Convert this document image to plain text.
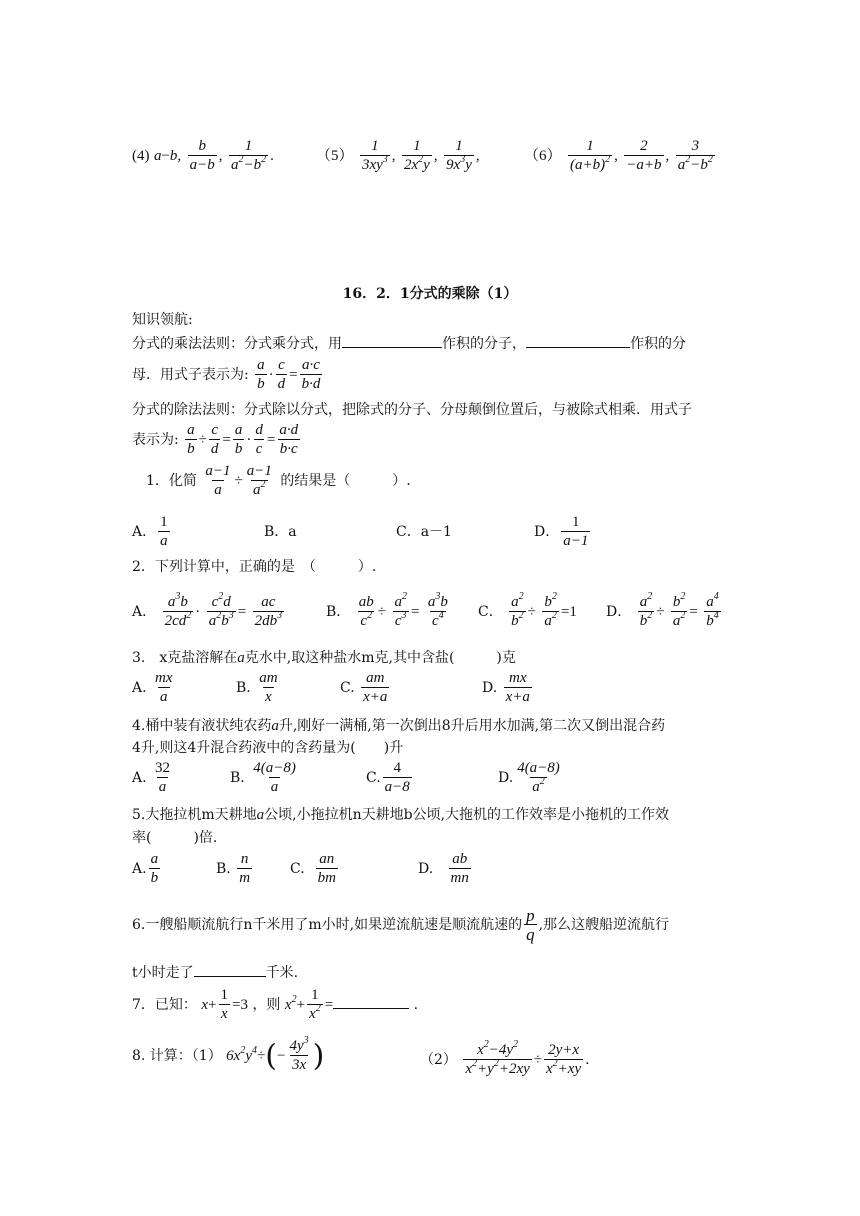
(4) a−b, $\frac{b}{a-b}$ , $\frac{1}{a^2-b^2}$ .	$(5) \frac{1}{3xy^3}$ , $\frac{1}{2x^2y}$ , $\frac{1}{9x^3y}$ ,	$(6) \frac{1}{(a+b)^2}$ , $\frac{2}{-a+b}$ , $\frac{3}{a^2-b^2}$
16．2．1分式的乘除（1）
知识领航:
分式的乘法法则：分式乘分式，用	作积的分子，	作积的分
母．用式子表示为: $\frac{a}{b} \cdot \frac{c}{d} = \frac{a\cdot c}{b\cdot d}$
分式的除法法则：分式除以分式，把除式的分子、分母颠倒位置后，与被除式相乘．用式子
表示为: $\frac{a}{b} \div \frac{c}{d} = \frac{a}{b} \cdot \frac{d}{c} = \frac{a\cdot d}{b\cdot c}$
1．化简 $\frac{a-1}{a} \div \frac{a-1}{a^2}$ 的结果是（　　　）.
A． $\frac{1}{a}$	B．a	C．a－1	D． $\frac{1}{a-1}$
2．下列计算中，正确的是　（　　　）.
A． $\frac{a^3b}{2cd^2} \cdot \frac{c^2d}{a^2b^3} = \frac{ac}{2db^3}$	B． $\frac{ab}{c^2} \div \frac{a^2}{c^3} = \frac{a^3b}{c^4}$ C． $\frac{a^2}{b^2} \div \frac{b^2}{a^2} =1$ D． $\frac{a^2}{b^2} \div \frac{b^2}{a^2} = \frac{a^4}{b^4}$
3.　x克盐溶解在a克水中,取这种盐水m克,其中含盐(　　　)克
A. $\frac{mx}{a}$	B. $\frac{am}{x}$	C. $\frac{am}{x+a}$	D. $\frac{mx}{x+a}$
4.桶中装有液状纯农药a升,刚好一满桶,第一次倒出8升后用水加满,第二次又倒出混合药
4升,则这4升混合药液中的含药量为(　　)升
A. $\frac{32}{a}$	B. $\frac{4(a-8)}{a}$	C. $\frac{4}{a-8}$	D. $\frac{4(a-8)}{a^2}$
5.大拖拉机m天耕地a公顷,小拖拉机n天耕地b公顷,大拖机的工作效率是小拖机的工作效
率(　　　)倍.
A. $\frac{a}{b}$	B. $\frac{n}{m}$	C. $\frac{an}{bm}$	D. $\frac{ab}{mn}$
6.一艘船顺流航行n千米用了m小时,如果逆流航速是顺流航速的 $\frac{p}{q}$ ,那么这艘船逆流航行
t小时走了	千米.
7．已知： $x+ \frac{1}{x} =3$ ，则 $x^2+ \frac{1}{x^2}$ =	.
8. 计算：（1） $6x^2y^4\div(- \frac{4y^3}{3x}$ )	$(2) \frac{x^2-4y^2}{x^2+y^2+2xy} \div \frac{2y+x}{x^2+xy}$ .
